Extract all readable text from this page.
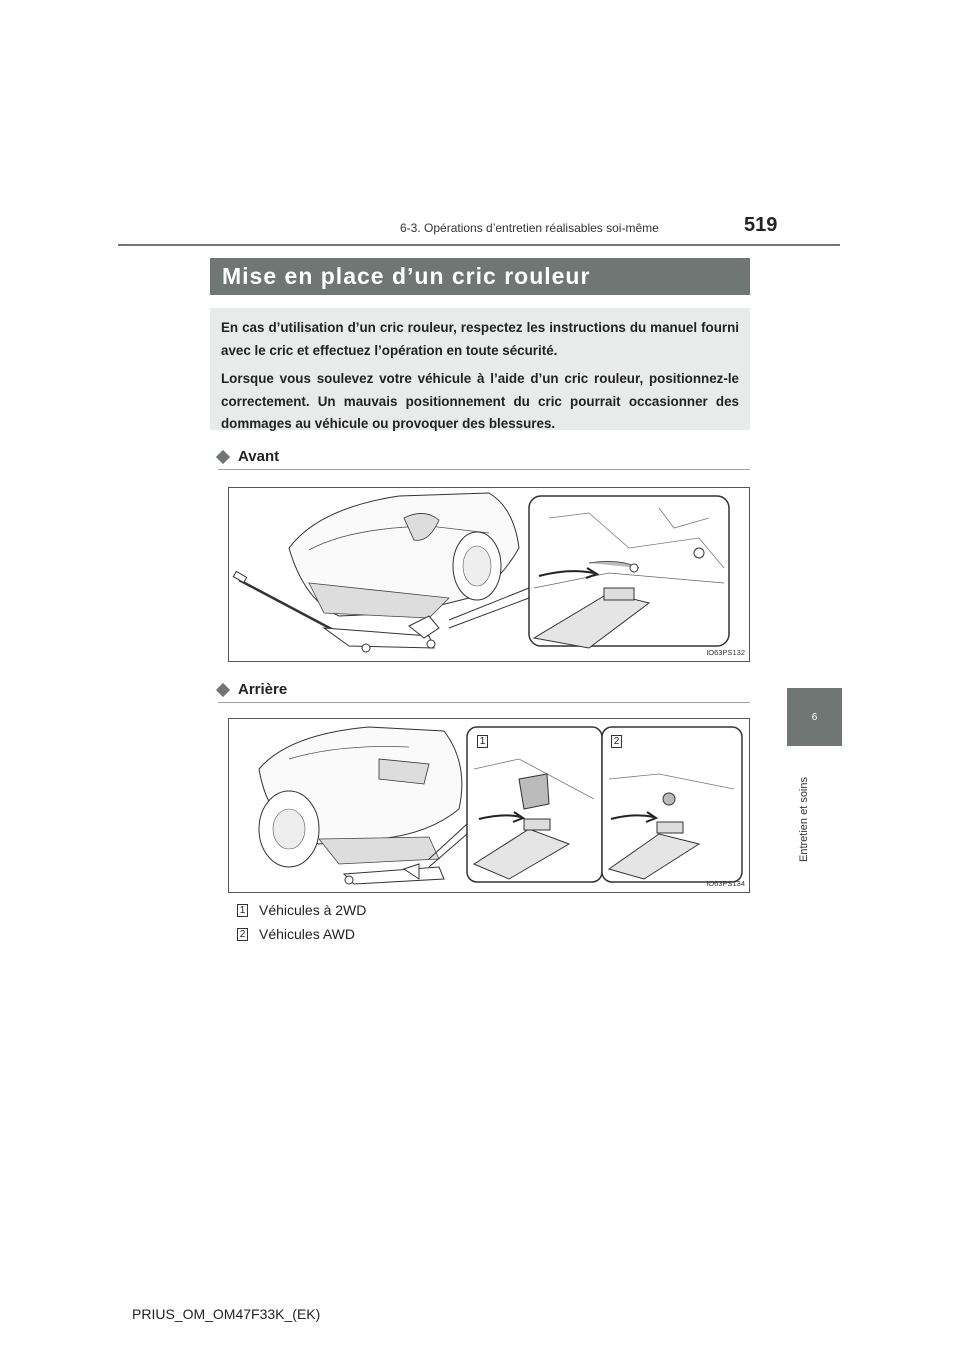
6-3. Opérations d’entretien réalisables soi-même	519
Mise en place d’un cric rouleur

En cas d’utilisation d’un cric rouleur, respectez les instructions du manuel fourni avec le cric et effectuez l’opération en toute sécurité.

Lorsque vous soulevez votre véhicule à l’aide d’un cric rouleur, positionnez-le correctement. Un mauvais positionnement du cric pourrait occasionner des dommages au véhicule ou provoquer des blessures.

Avant
IO63PS132
Arrière
1	2
IO63PS134
1 Véhicules à 2WD
2 Véhicules AWD
6
Entretien et soins
PRIUS_OM_OM47F33K_(EK)
